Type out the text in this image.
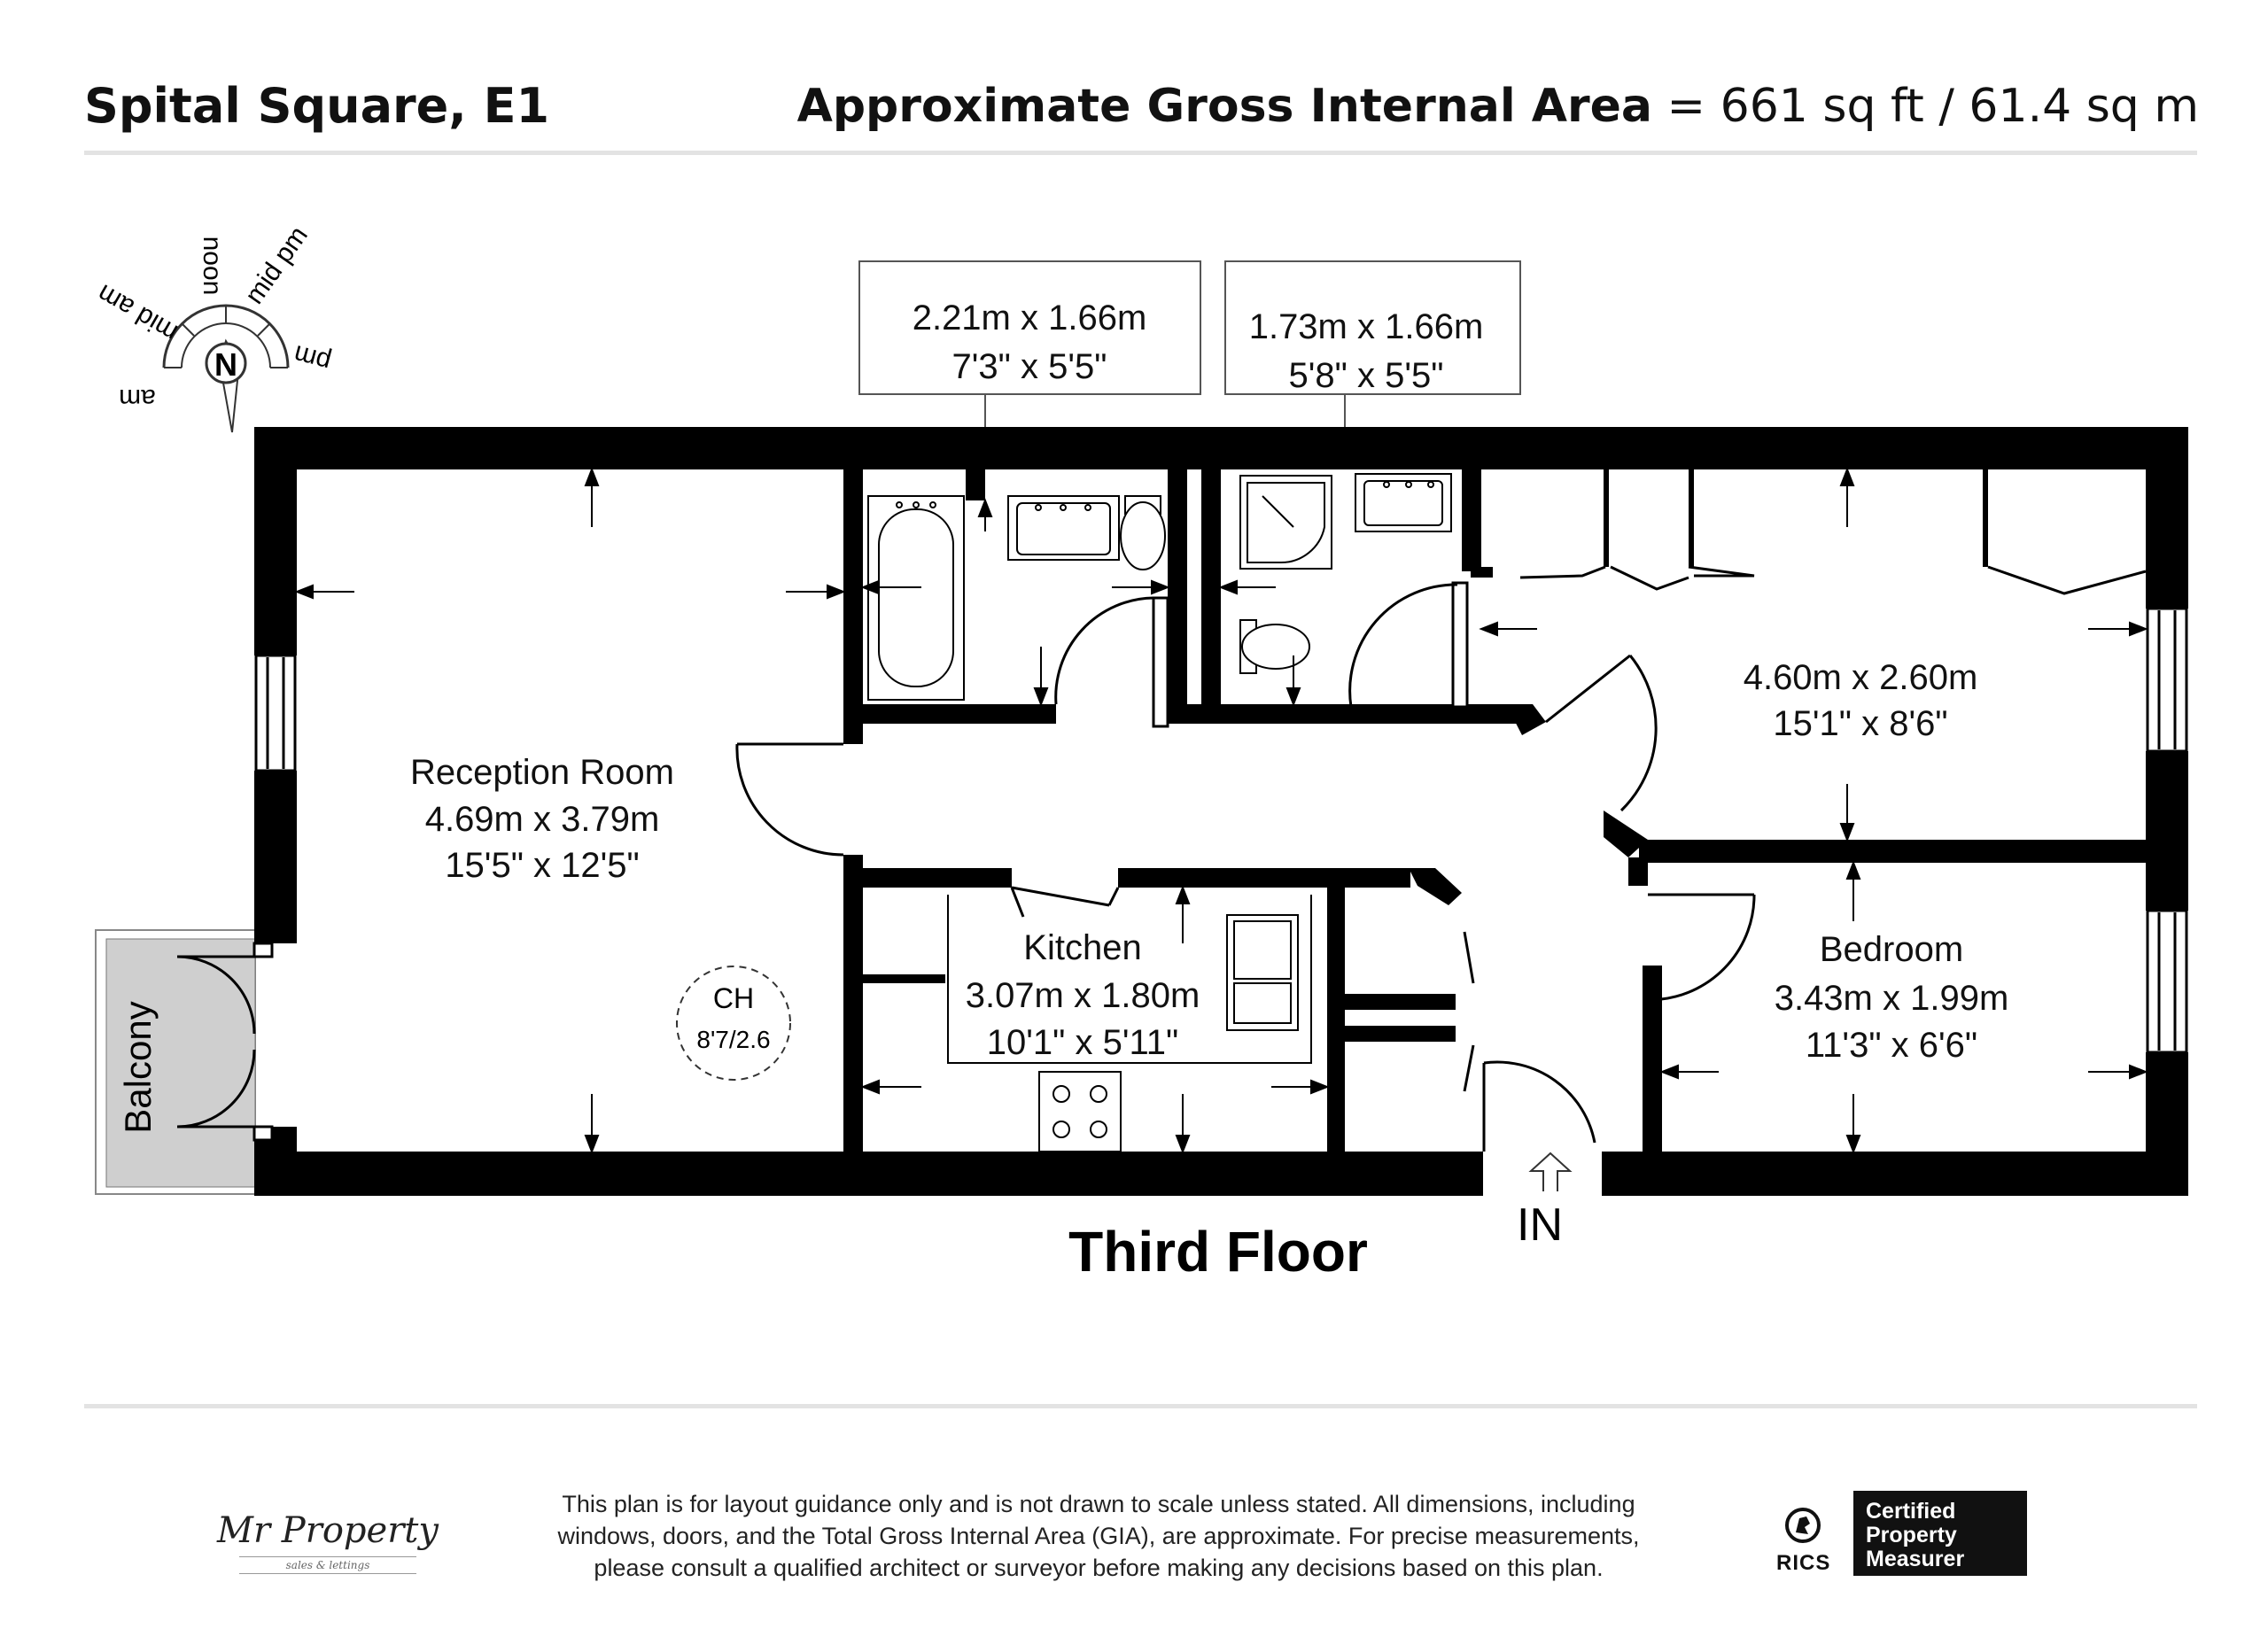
Spital Square, E1	Approximate Gross Internal Area = 661 sq ft / 61.4 sq m
N
am
mid am
noon mid pm
pm
Balcony
2.21m x 1.66m
7'3" x 5'5"
1.73m x 1.66m
5'8" x 5'5"
Reception Room
4.69m x 3.79m
15'5" x 12'5"
4.60m x 2.60m
15'1" x 8'6"
Bedroom
3.43m x 1.99m
11'3" x 6'6"
Kitchen
3.07m x 1.80m
10'1" x 5'11"
CH
8'7/2.6
IN
Third Floor
Mr Property
sales & lettings
This plan is for layout guidance only and is not drawn to scale unless stated. All dimensions, including
windows, doors, and the Total Gross Internal Area (GIA), are approximate. For precise measurements,
please consult a qualified architect or surveyor before making any decisions based on this plan.	RICS
Certified
Property
Measurer
